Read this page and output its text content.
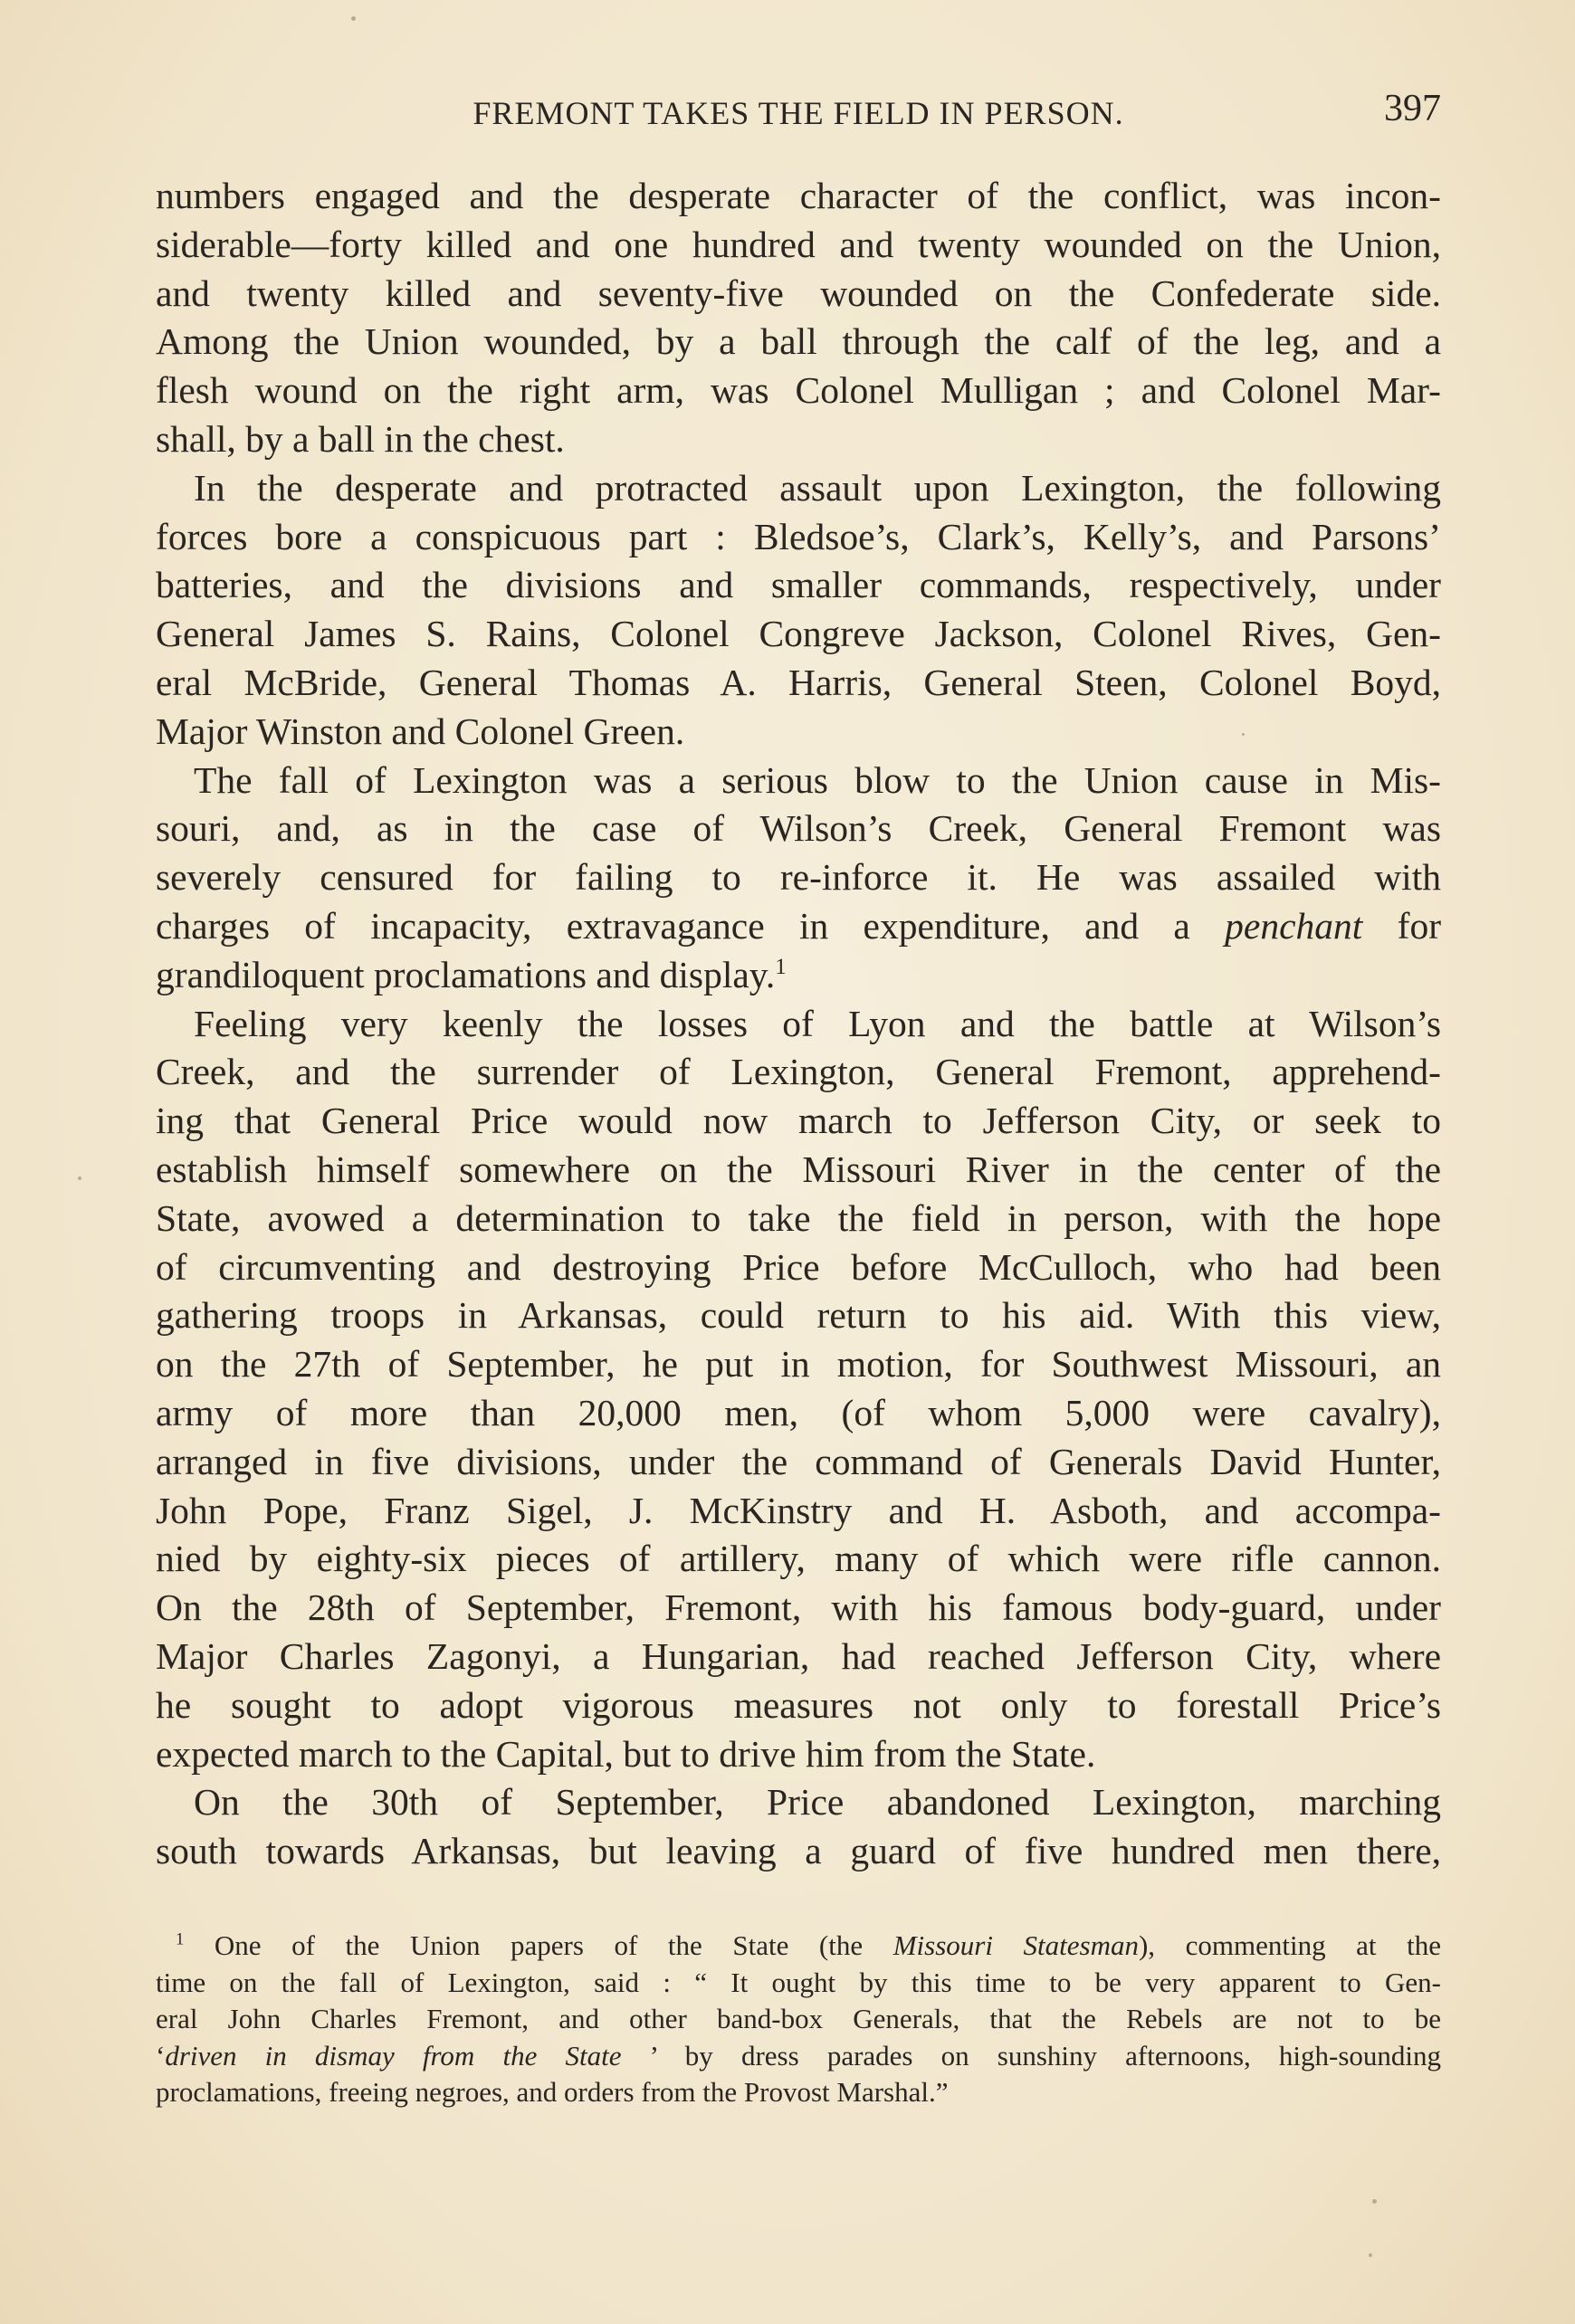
FREMONT TAKES THE FIELD IN PERSON.	397
numbers engaged and the desperate character of the conflict, was incon-
siderable—forty killed and one hundred and twenty wounded on the Union,
and twenty killed and seventy-five wounded on the Confederate side.
Among the Union wounded, by a ball through the calf of the leg, and a
flesh wound on the right arm, was Colonel Mulligan ; and Colonel Mar-
shall, by a ball in the chest.
In the desperate and protracted assault upon Lexington, the following
forces bore a conspicuous part : Bledsoe’s, Clark’s, Kelly’s, and Parsons’
batteries, and the divisions and smaller commands, respectively, under
General James S. Rains, Colonel Congreve Jackson, Colonel Rives, Gen-
eral McBride, General Thomas A. Harris, General Steen, Colonel Boyd,
Major Winston and Colonel Green.
The fall of Lexington was a serious blow to the Union cause in Mis-
souri, and, as in the case of Wilson’s Creek, General Fremont was
severely censured for failing to re-inforce it. He was assailed with
charges of incapacity, extravagance in expenditure, and a penchant for
grandiloquent proclamations and display.$^1$
Feeling very keenly the losses of Lyon and the battle at Wilson’s
Creek, and the surrender of Lexington, General Fremont, apprehend-
ing that General Price would now march to Jefferson City, or seek to
establish himself somewhere on the Missouri River in the center of the
State, avowed a determination to take the field in person, with the hope
of circumventing and destroying Price before McCulloch, who had been
gathering troops in Arkansas, could return to his aid. With this view,
on the 27th of September, he put in motion, for Southwest Missouri, an
army of more than 20,000 men, (of whom 5,000 were cavalry),
arranged in five divisions, under the command of Generals David Hunter,
John Pope, Franz Sigel, J. McKinstry and H. Asboth, and accompa-
nied by eighty-six pieces of artillery, many of which were rifle cannon.
On the 28th of September, Fremont, with his famous body-guard, under
Major Charles Zagonyi, a Hungarian, had reached Jefferson City, where
he sought to adopt vigorous measures not only to forestall Price’s
expected march to the Capital, but to drive him from the State.
On the 30th of September, Price abandoned Lexington, marching
south towards Arkansas, but leaving a guard of five hundred men there,
$^1$ One of the Union papers of the State (the Missouri Statesman), commenting at the
time on the fall of Lexington, said : “ It ought by this time to be very apparent to Gen-
eral John Charles Fremont, and other band-box Generals, that the Rebels are not to be
‘driven in dismay from the State ’ by dress parades on sunshiny afternoons, high-sounding
proclamations, freeing negroes, and orders from the Provost Marshal.”
